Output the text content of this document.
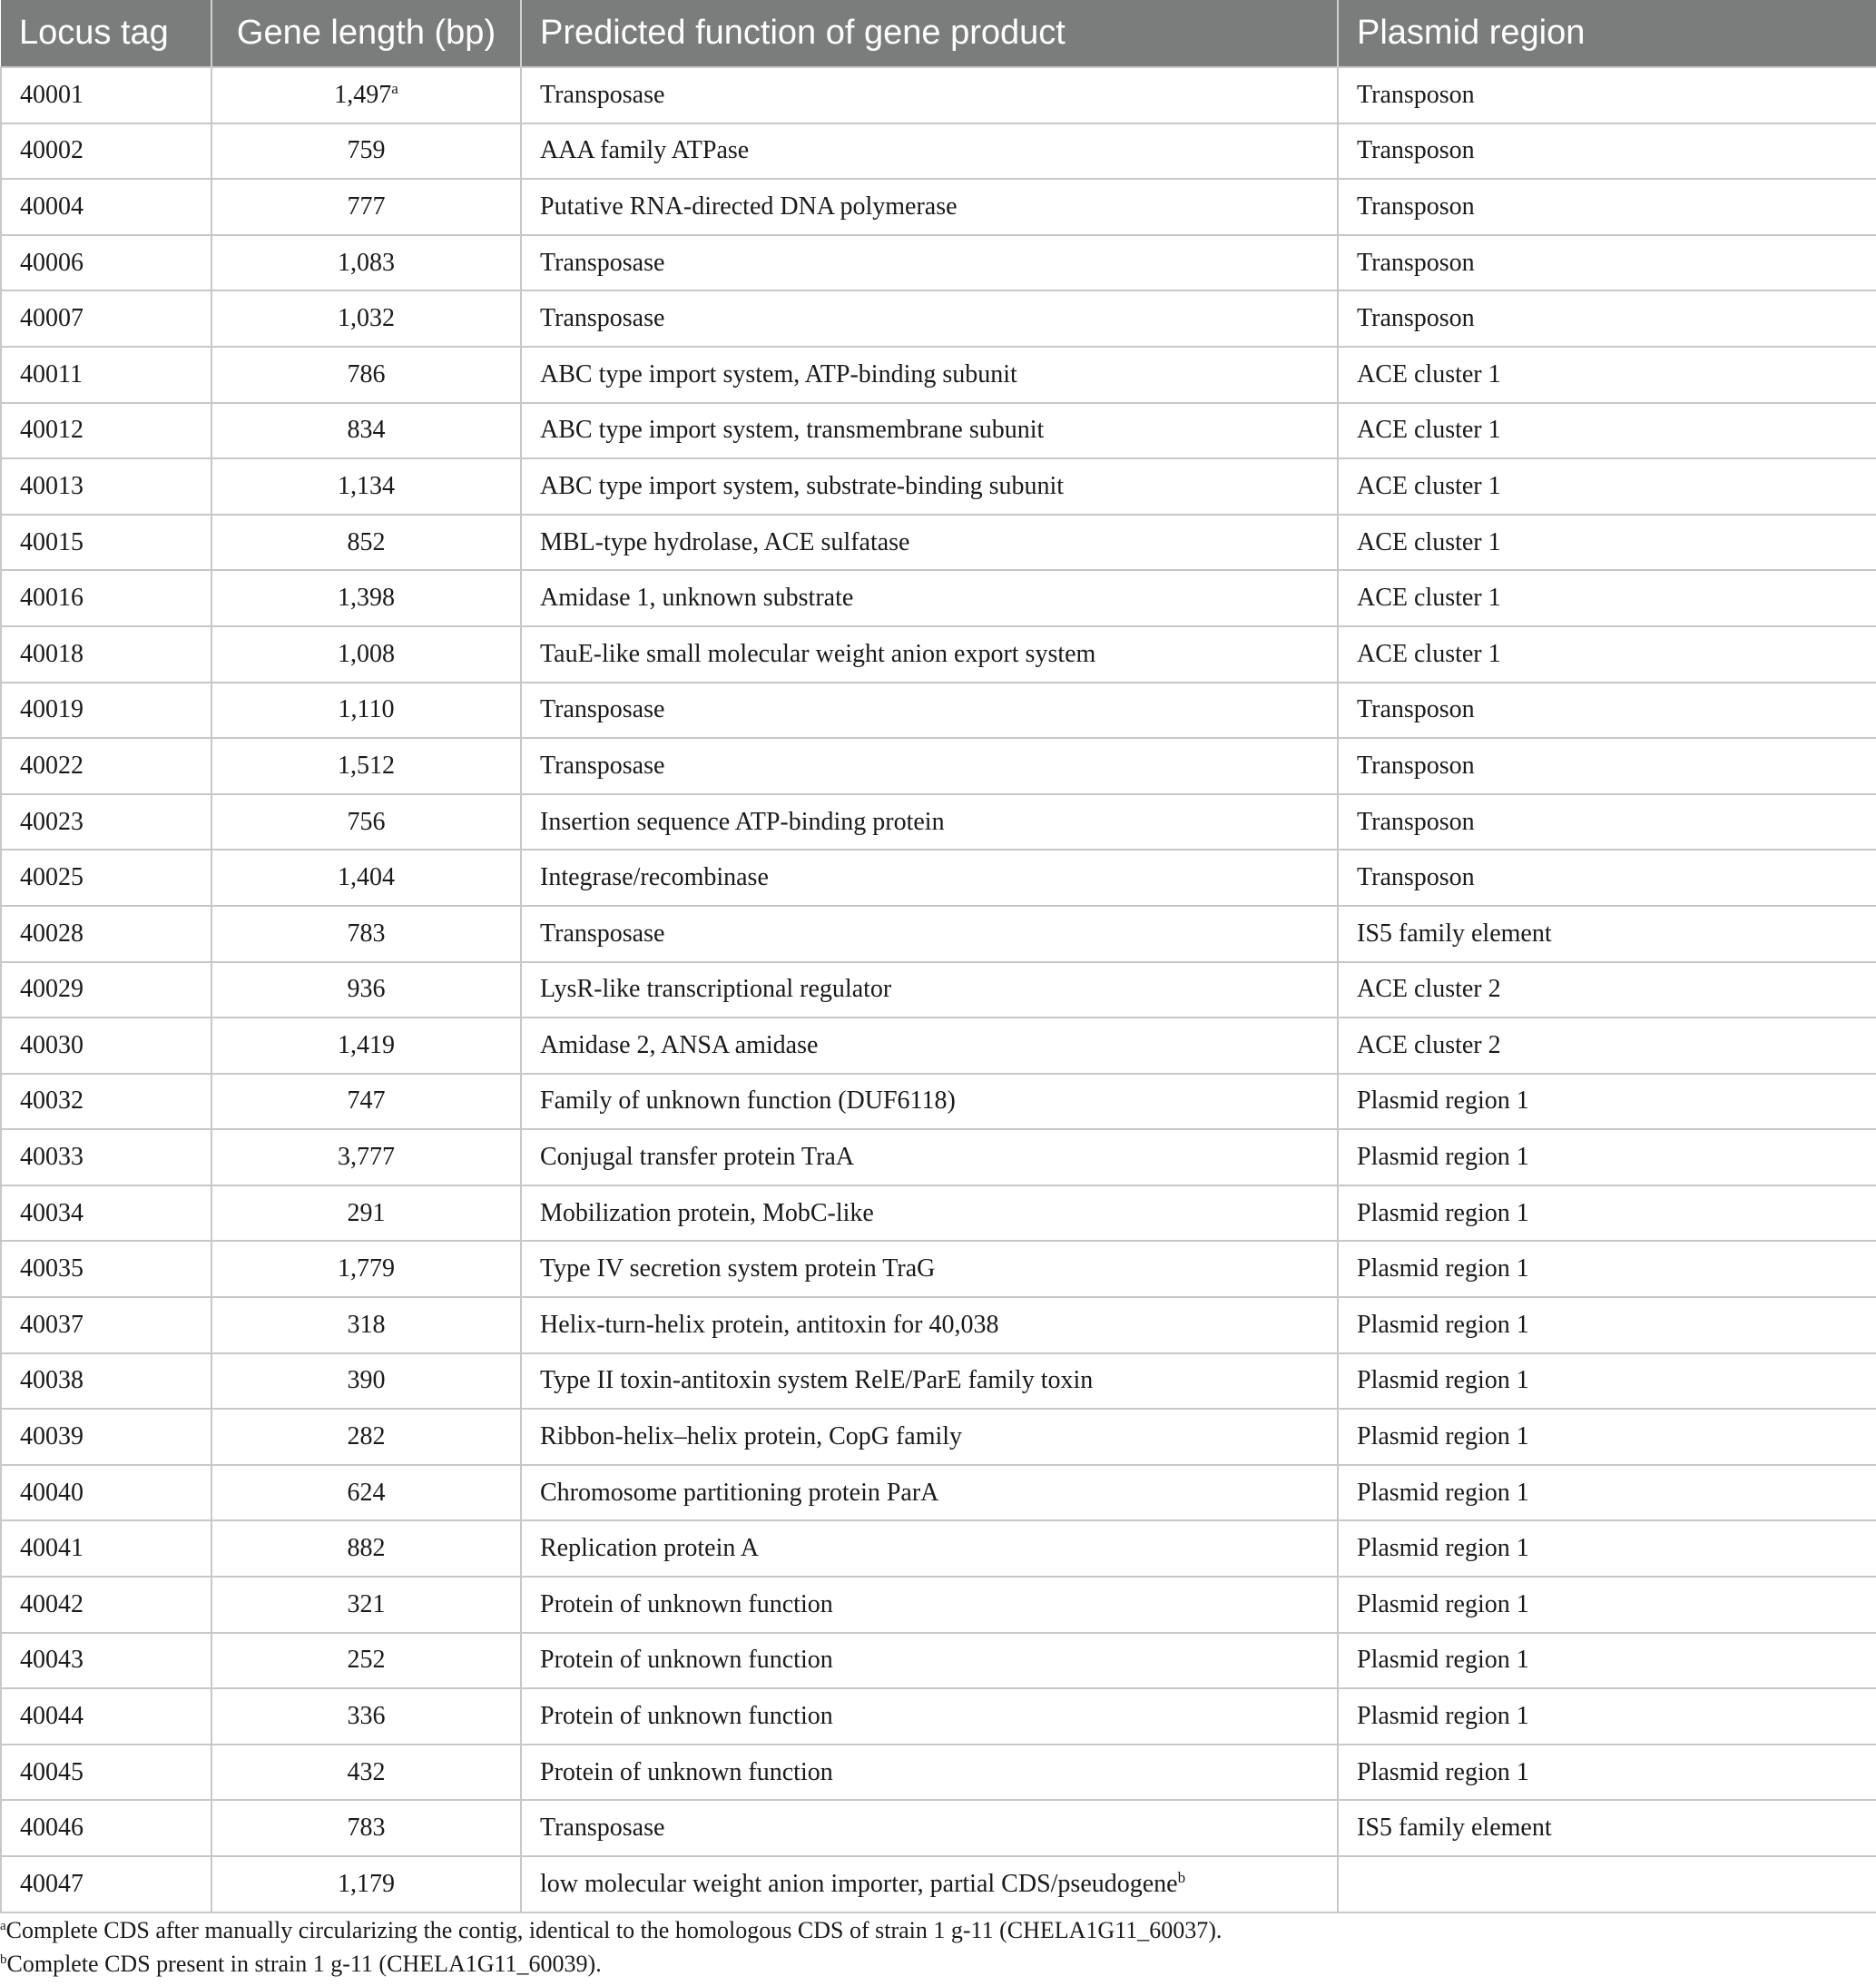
Locus tag	Gene length (bp)	Predicted function of gene product	Plasmid region
40001	1,497$^a$	Transposase	Transposon
40002	759	AAA family ATPase	Transposon
40004	777	Putative RNA-directed DNA polymerase	Transposon
40006	1,083	Transposase	Transposon
40007	1,032	Transposase	Transposon
40011	786	ABC type import system, ATP-binding subunit	ACE cluster 1
40012	834	ABC type import system, transmembrane subunit	ACE cluster 1
40013	1,134	ABC type import system, substrate-binding subunit	ACE cluster 1
40015	852	MBL-type hydrolase, ACE sulfatase	ACE cluster 1
40016	1,398	Amidase 1, unknown substrate	ACE cluster 1
40018	1,008	TauE-like small molecular weight anion export system	ACE cluster 1
40019	1,110	Transposase	Transposon
40022	1,512	Transposase	Transposon
40023	756	Insertion sequence ATP-binding protein	Transposon
40025	1,404	Integrase/recombinase	Transposon
40028	783	Transposase	IS5 family element
40029	936	LysR-like transcriptional regulator	ACE cluster 2
40030	1,419	Amidase 2, ANSA amidase	ACE cluster 2
40032	747	Family of unknown function (DUF6118)	Plasmid region 1
40033	3,777	Conjugal transfer protein TraA	Plasmid region 1
40034	291	Mobilization protein, MobC-like	Plasmid region 1
40035	1,779	Type IV secretion system protein TraG	Plasmid region 1
40037	318	Helix-turn-helix protein, antitoxin for 40,038	Plasmid region 1
40038	390	Type II toxin-antitoxin system RelE/ParE family toxin	Plasmid region 1
40039	282	Ribbon-helix–helix protein, CopG family	Plasmid region 1
40040	624	Chromosome partitioning protein ParA	Plasmid region 1
40041	882	Replication protein A	Plasmid region 1
40042	321	Protein of unknown function	Plasmid region 1
40043	252	Protein of unknown function	Plasmid region 1
40044	336	Protein of unknown function	Plasmid region 1
40045	432	Protein of unknown function	Plasmid region 1
40046	783	Transposase	IS5 family element
40047	1,179	low molecular weight anion importer, partial CDS/pseudogene$^b$	
$^a$Complete CDS after manually circularizing the contig, identical to the homologous CDS of strain 1 g-11 (CHELA1G11_60037).
$^b$Complete CDS present in strain 1 g-11 (CHELA1G11_60039).
